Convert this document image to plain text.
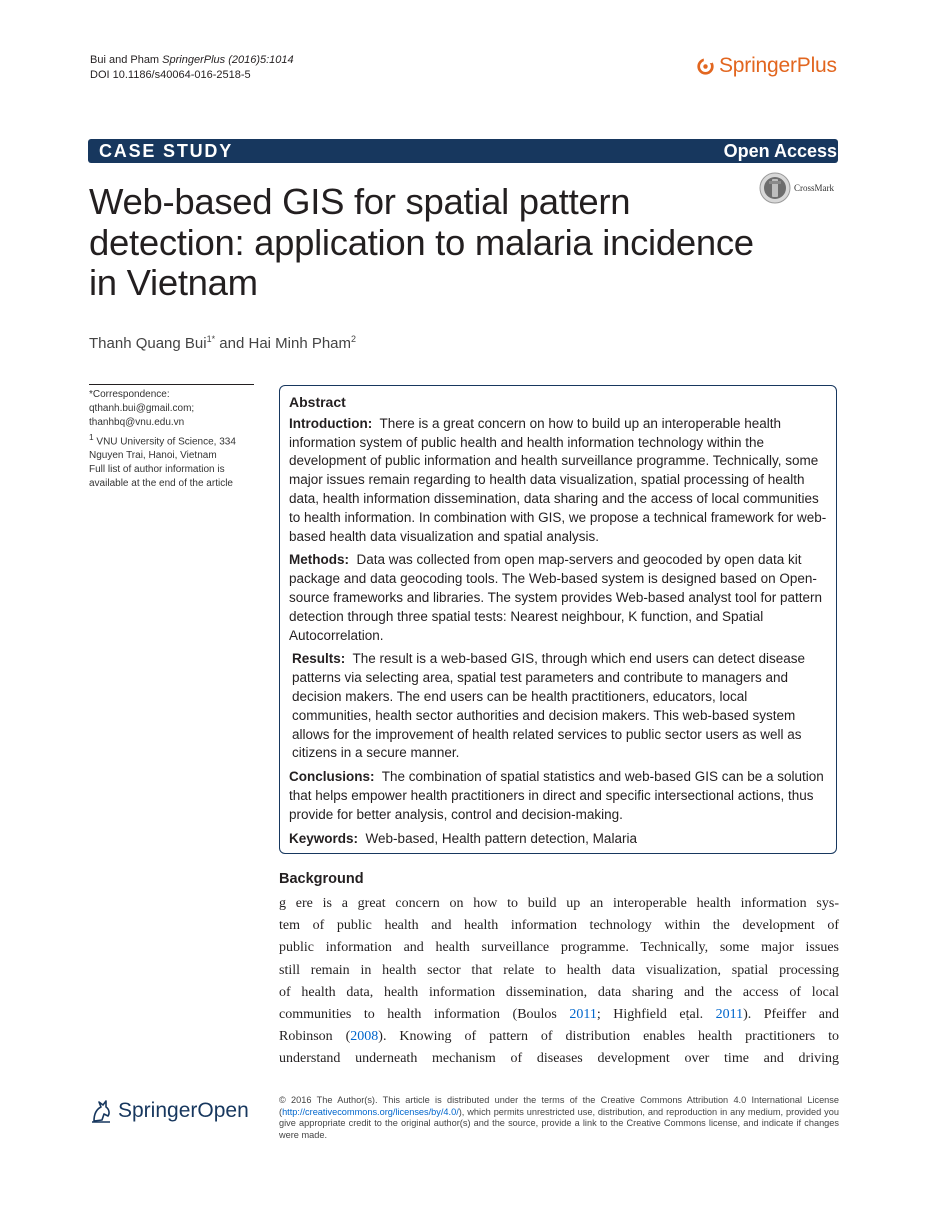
Bui and Pham SpringerPlus (2016)5:1014
DOI 10.1186/s40064-016-2518-5	SpringerPlus
CASE STUDY	Open Access
CrossMark
Web-based GIS for spatial pattern detection: application to malaria incidence in Vietnam
Thanh Quang Bui$^{1*}$ and Hai Minh Pham$^2$

*Correspondence: qthanh.bui@gmail.com; thanhbq@vnu.edu.vn

$^1$ VNU University of Science, 334 Nguyen Trai, Hanoi, Vietnam

Full list of author information is available at the end of the article

Abstract

Introduction: There is a great concern on how to build up an interoperable health information system of public health and health information technology within the development of public information and health surveillance programme. Technically, some major issues remain regarding to health data visualization, spatial processing of health data, health information dissemination, data sharing and the access of local communities to health information. In combination with GIS, we propose a technical framework for web-based health data visualization and spatial analysis.

Methods: Data was collected from open map-servers and geocoded by open data kit package and data geocoding tools. The Web-based system is designed based on Open-source frameworks and libraries. The system provides Web-based analyst tool for pattern detection through three spatial tests: Nearest neighbour, K function, and Spatial Autocorrelation.

Results: The result is a web-based GIS, through which end users can detect disease patterns via selecting area, spatial test parameters and contribute to managers and decision makers. The end users can be health practitioners, educators, local communities, health sector authorities and decision makers. This web-based system allows for the improvement of health related services to public sector users as well as citizens in a secure manner.

Conclusions: The combination of spatial statistics and web-based GIS can be a solution that helps empower health practitioners in direct and specific intersectional actions, thus provide for better analysis, control and decision-making.

Keywords: Web-based, Health pattern detection, Malaria

Background
g ere is a great concern on how to build up an interoperable health information sys-
tem of public health and health information technology within the development of
public information and health surveillance programme. Technically, some major issues
still remain in health sector that relate to health data visualization, spatial processing
of health data, health information dissemination, data sharing and the access of local
communities to health information (Boulos 2011; Highfield eṭal. 2011). Pfeiffer and
Robinson (2008). Knowing of pattern of distribution enables health practitioners to
understand underneath mechanism of diseases development over time and driving
SpringerOpen	© 2016 The Author(s). This article is distributed under the terms of the Creative Commons Attribution 4.0 International License (http://creativecommons.org/licenses/by/4.0/), which permits unrestricted use, distribution, and reproduction in any medium, provided you give appropriate credit to the original author(s) and the source, provide a link to the Creative Commons license, and indicate if changes were made.
